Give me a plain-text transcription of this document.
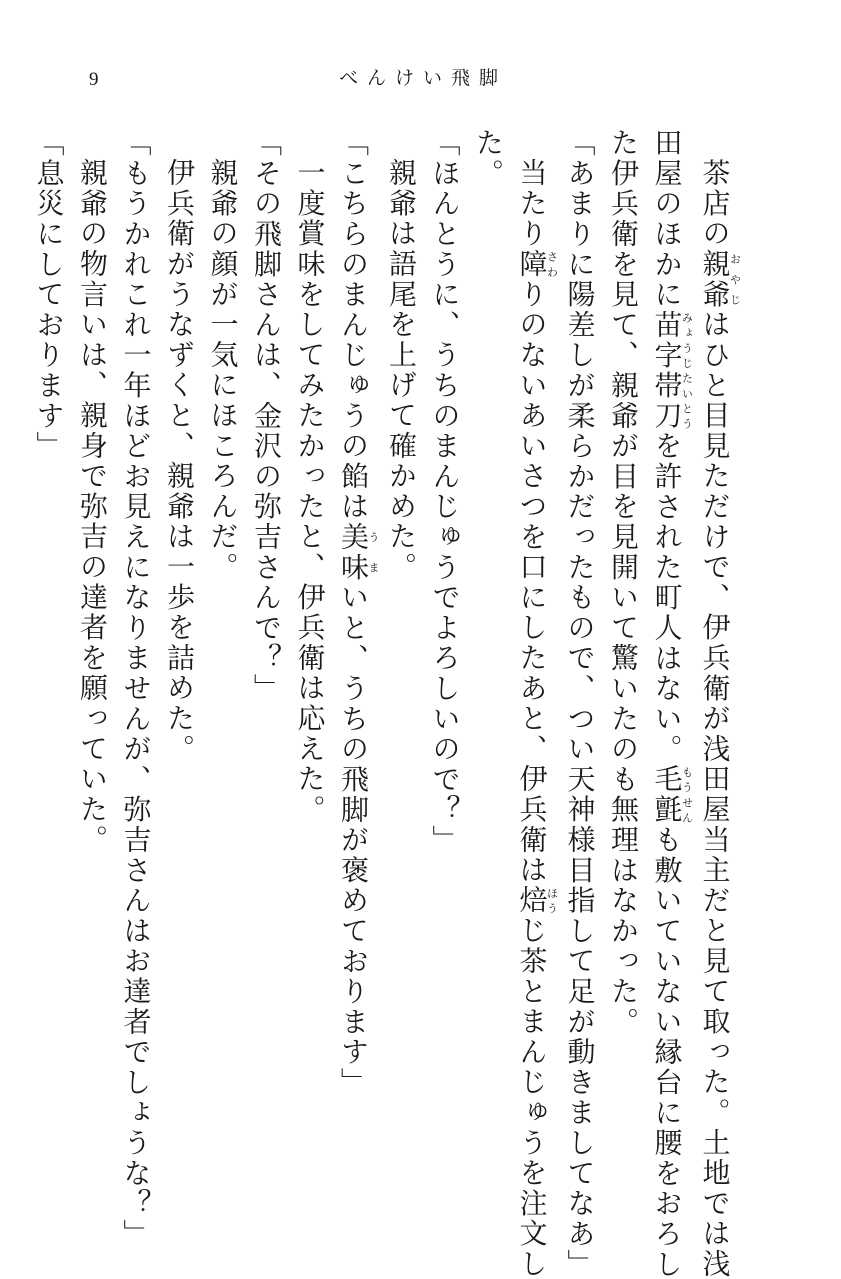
9	べんけい飛脚
茶店の親爺おやじはひと目見ただけで、伊兵衛が浅田屋当主だと見て取った。土地では浅
田屋のほかに苗字帯刀みょうじたいとうを許された町人はない。毛氈もうせんも敷いていない縁台に腰をおろし
た伊兵衛を見て、親爺が目を見開いて驚いたのも無理はなかった。
「あまりに陽差しが柔らかだったもので、つい天神様目指して足が動きましてなあ」
当たり障さわりのないあいさつを口にしたあと、伊兵衛は焙ほうじ茶とまんじゅうを注文し
た。
「ほんとうに、うちのまんじゅうでよろしいので？」
親爺は語尾を上げて確かめた。
「こちらのまんじゅうの餡は美味うまいと、うちの飛脚が褒めております」
一度賞味をしてみたかったと、伊兵衛は応えた。
「その飛脚さんは、金沢の弥吉さんで？」
親爺の顔が一気にほころんだ。
伊兵衛がうなずくと、親爺は一歩を詰めた。
「もうかれこれ一年ほどお見えになりませんが、弥吉さんはお達者でしょうな？」
親爺の物言いは、親身で弥吉の達者を願っていた。
「息災にしております」
